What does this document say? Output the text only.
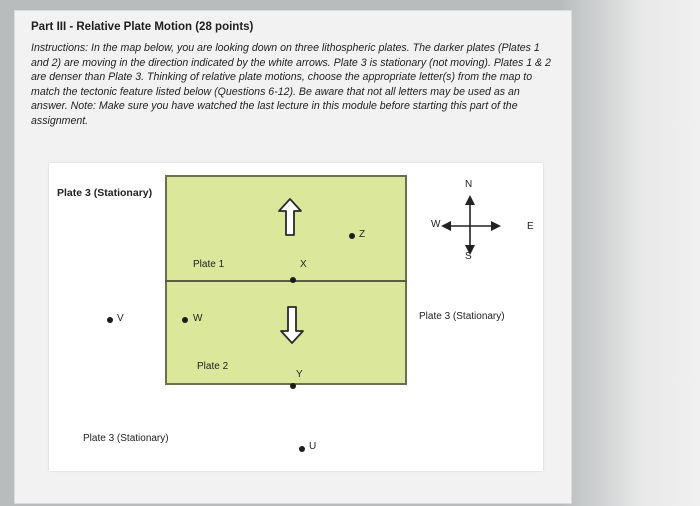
Part III - Relative Plate Motion (28 points)
Instructions: In the map below, you are looking down on three lithospheric plates. The darker plates (Plates 1 and 2) are moving in the direction indicated by the white arrows. Plate 3 is stationary (not moving). Plates 1 & 2 are denser than Plate 3. Thinking of relative plate motions, choose the appropriate letter(s) from the map to match the tectonic feature listed below (Questions 6-12). Be aware that not all letters may be used as an answer. Note: Make sure you have watched the last lecture in this module before starting this part of the assignment.
Plate 3 (Stationary)
Plate 3 (Stationary)
Plate 3 (Stationary)
Plate 1
Plate 2
Z
X
V	W
Y
U
N
S
E
W
